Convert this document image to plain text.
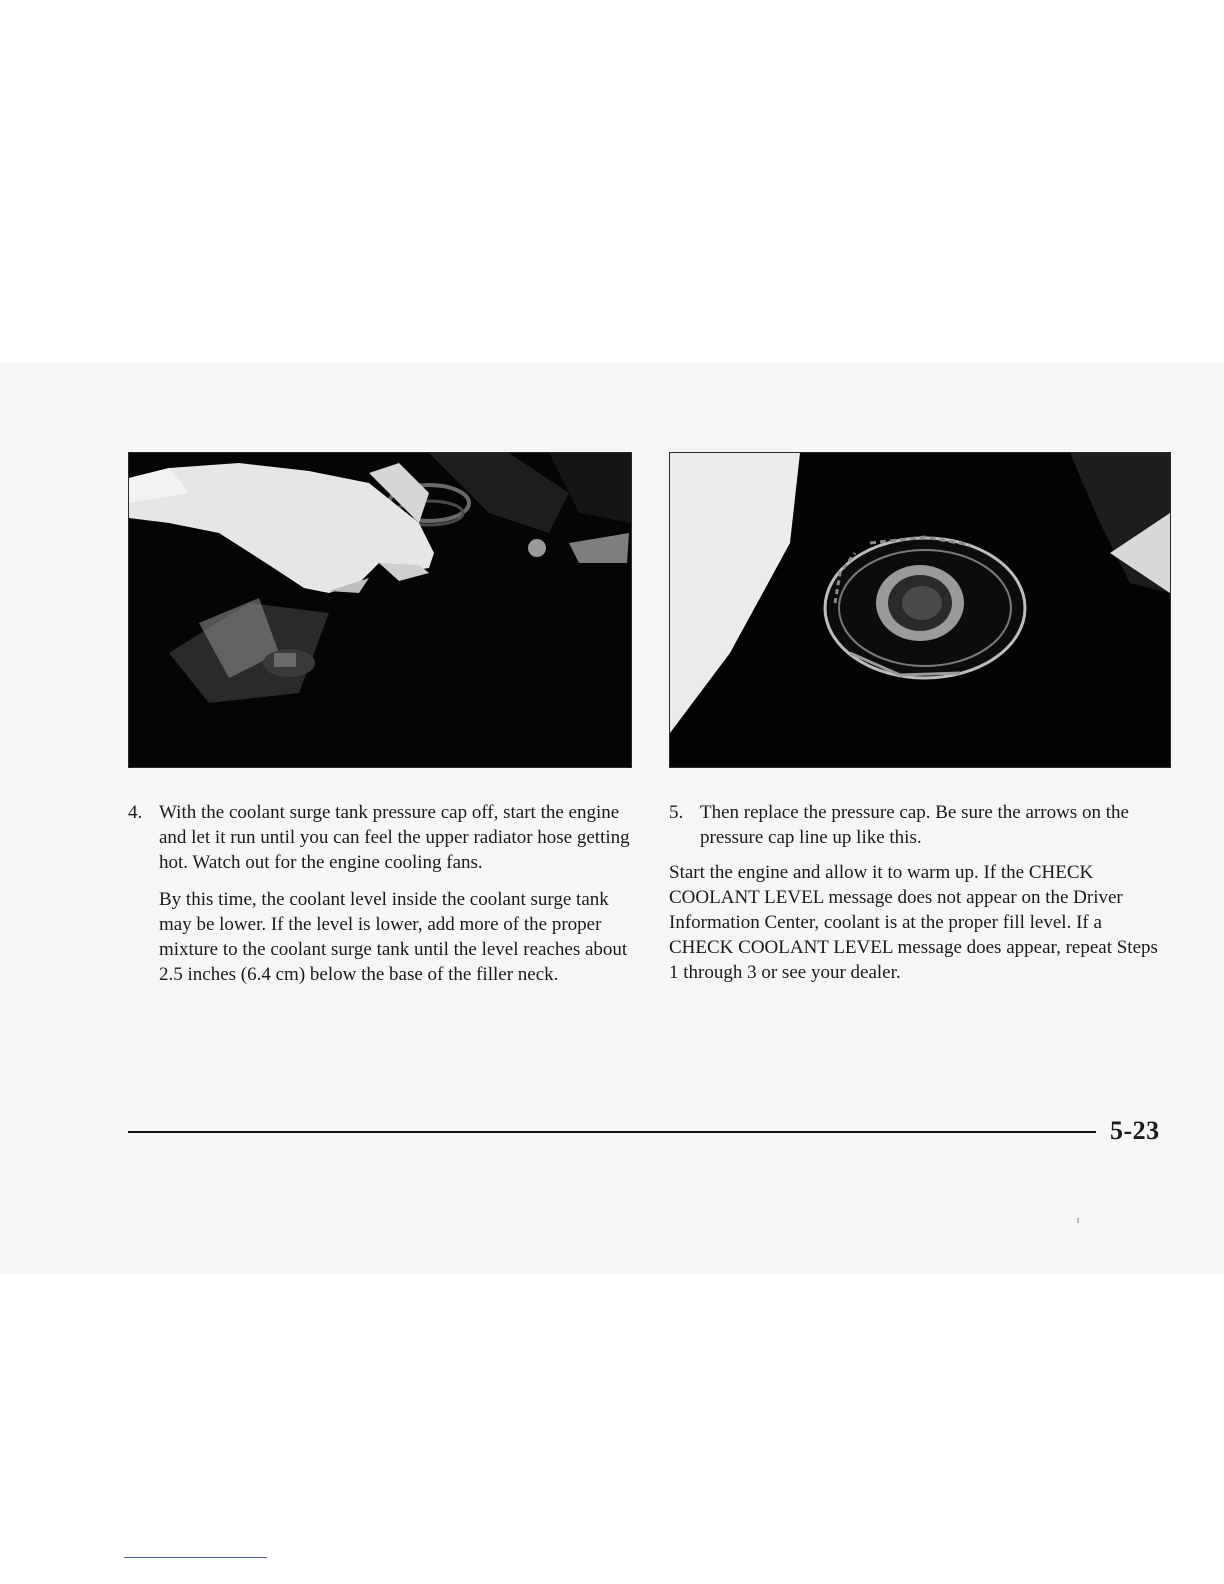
4. With the coolant surge tank pressure cap off, start the engine and let it run until you can feel the upper radiator hose getting hot. Watch out for the engine cooling fans.

By this time, the coolant level inside the coolant surge tank may be lower. If the level is lower, add more of the proper mixture to the coolant surge tank until the level reaches about 2.5 inches (6.4 cm) below the base of the filler neck.

5. Then replace the pressure cap. Be sure the arrows on the pressure cap line up like this.

Start the engine and allow it to warm up. If the CHECK COOLANT LEVEL message does not appear on the Driver Information Center, coolant is at the proper fill level. If a CHECK COOLANT LEVEL message does appear, repeat Steps 1 through 3 or see your dealer.

5-23
